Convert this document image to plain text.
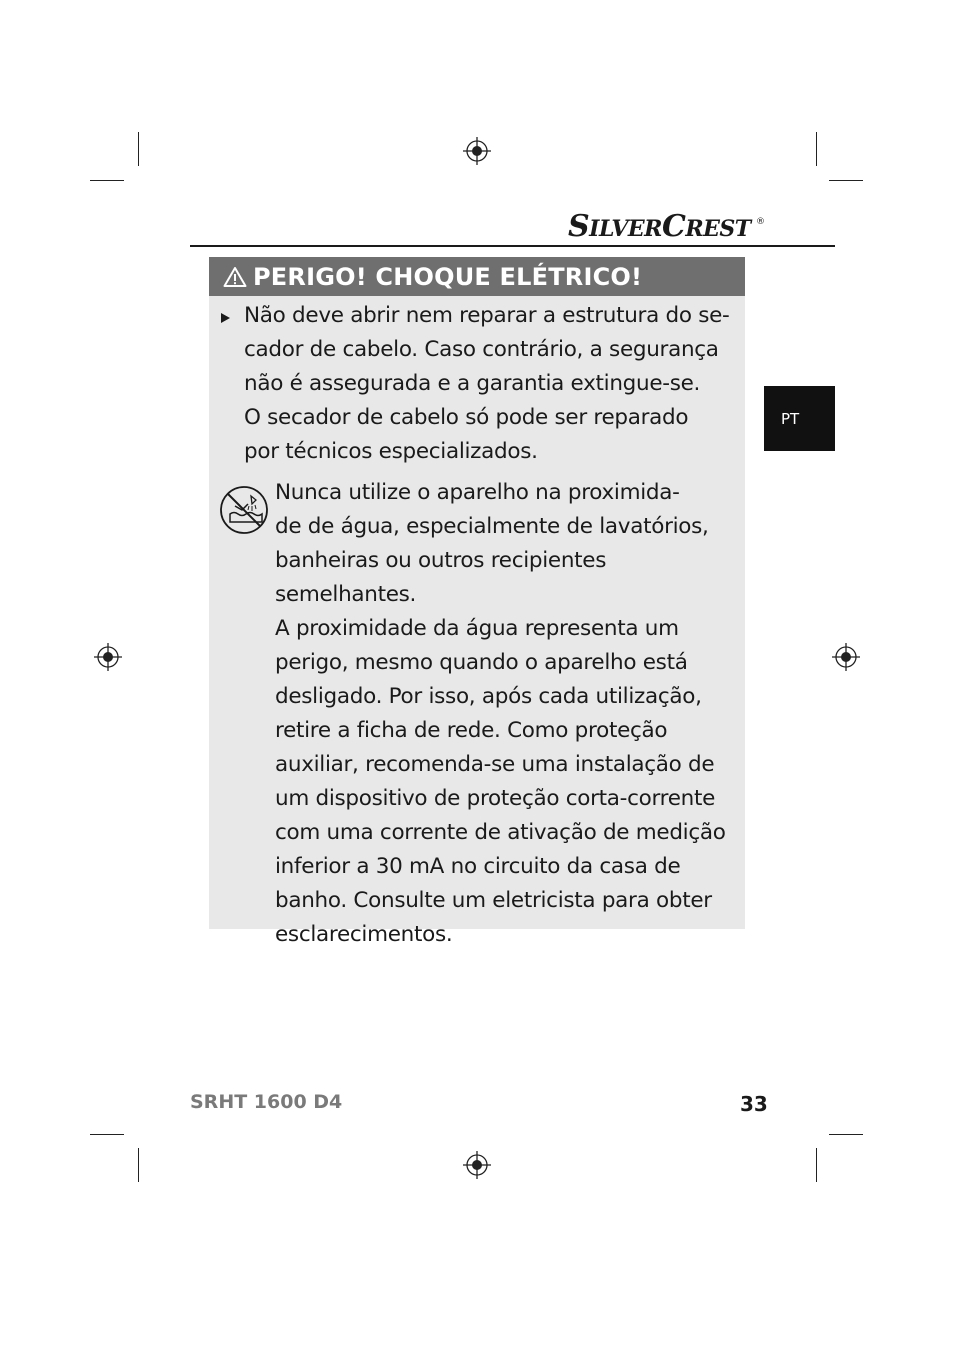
SILVERCREST ®
PT
PERIGO! CHOQUE ELÉTRICO!
Não deve abrir nem reparar a estrutura do se-
cador de cabelo. Caso contrário, a segurança
não é assegurada e a garantia extingue-se.
O secador de cabelo só pode ser reparado
por técnicos especializados.
Nunca utilize o aparelho na proximida-
de de água, especialmente de lavatórios,
banheiras ou outros recipientes semelhantes.
A proximidade da água representa um
perigo, mesmo quando o aparelho está
desligado. Por isso, após cada utilização,
retire a ficha de rede. Como proteção
auxiliar, recomenda-se uma instalação de
um dispositivo de proteção corta-corrente
com uma corrente de ativação de medição
inferior a 30 mA no circuito da casa de
banho. Consulte um eletricista para obter
esclarecimentos.
SRHT 1600 D4	33
